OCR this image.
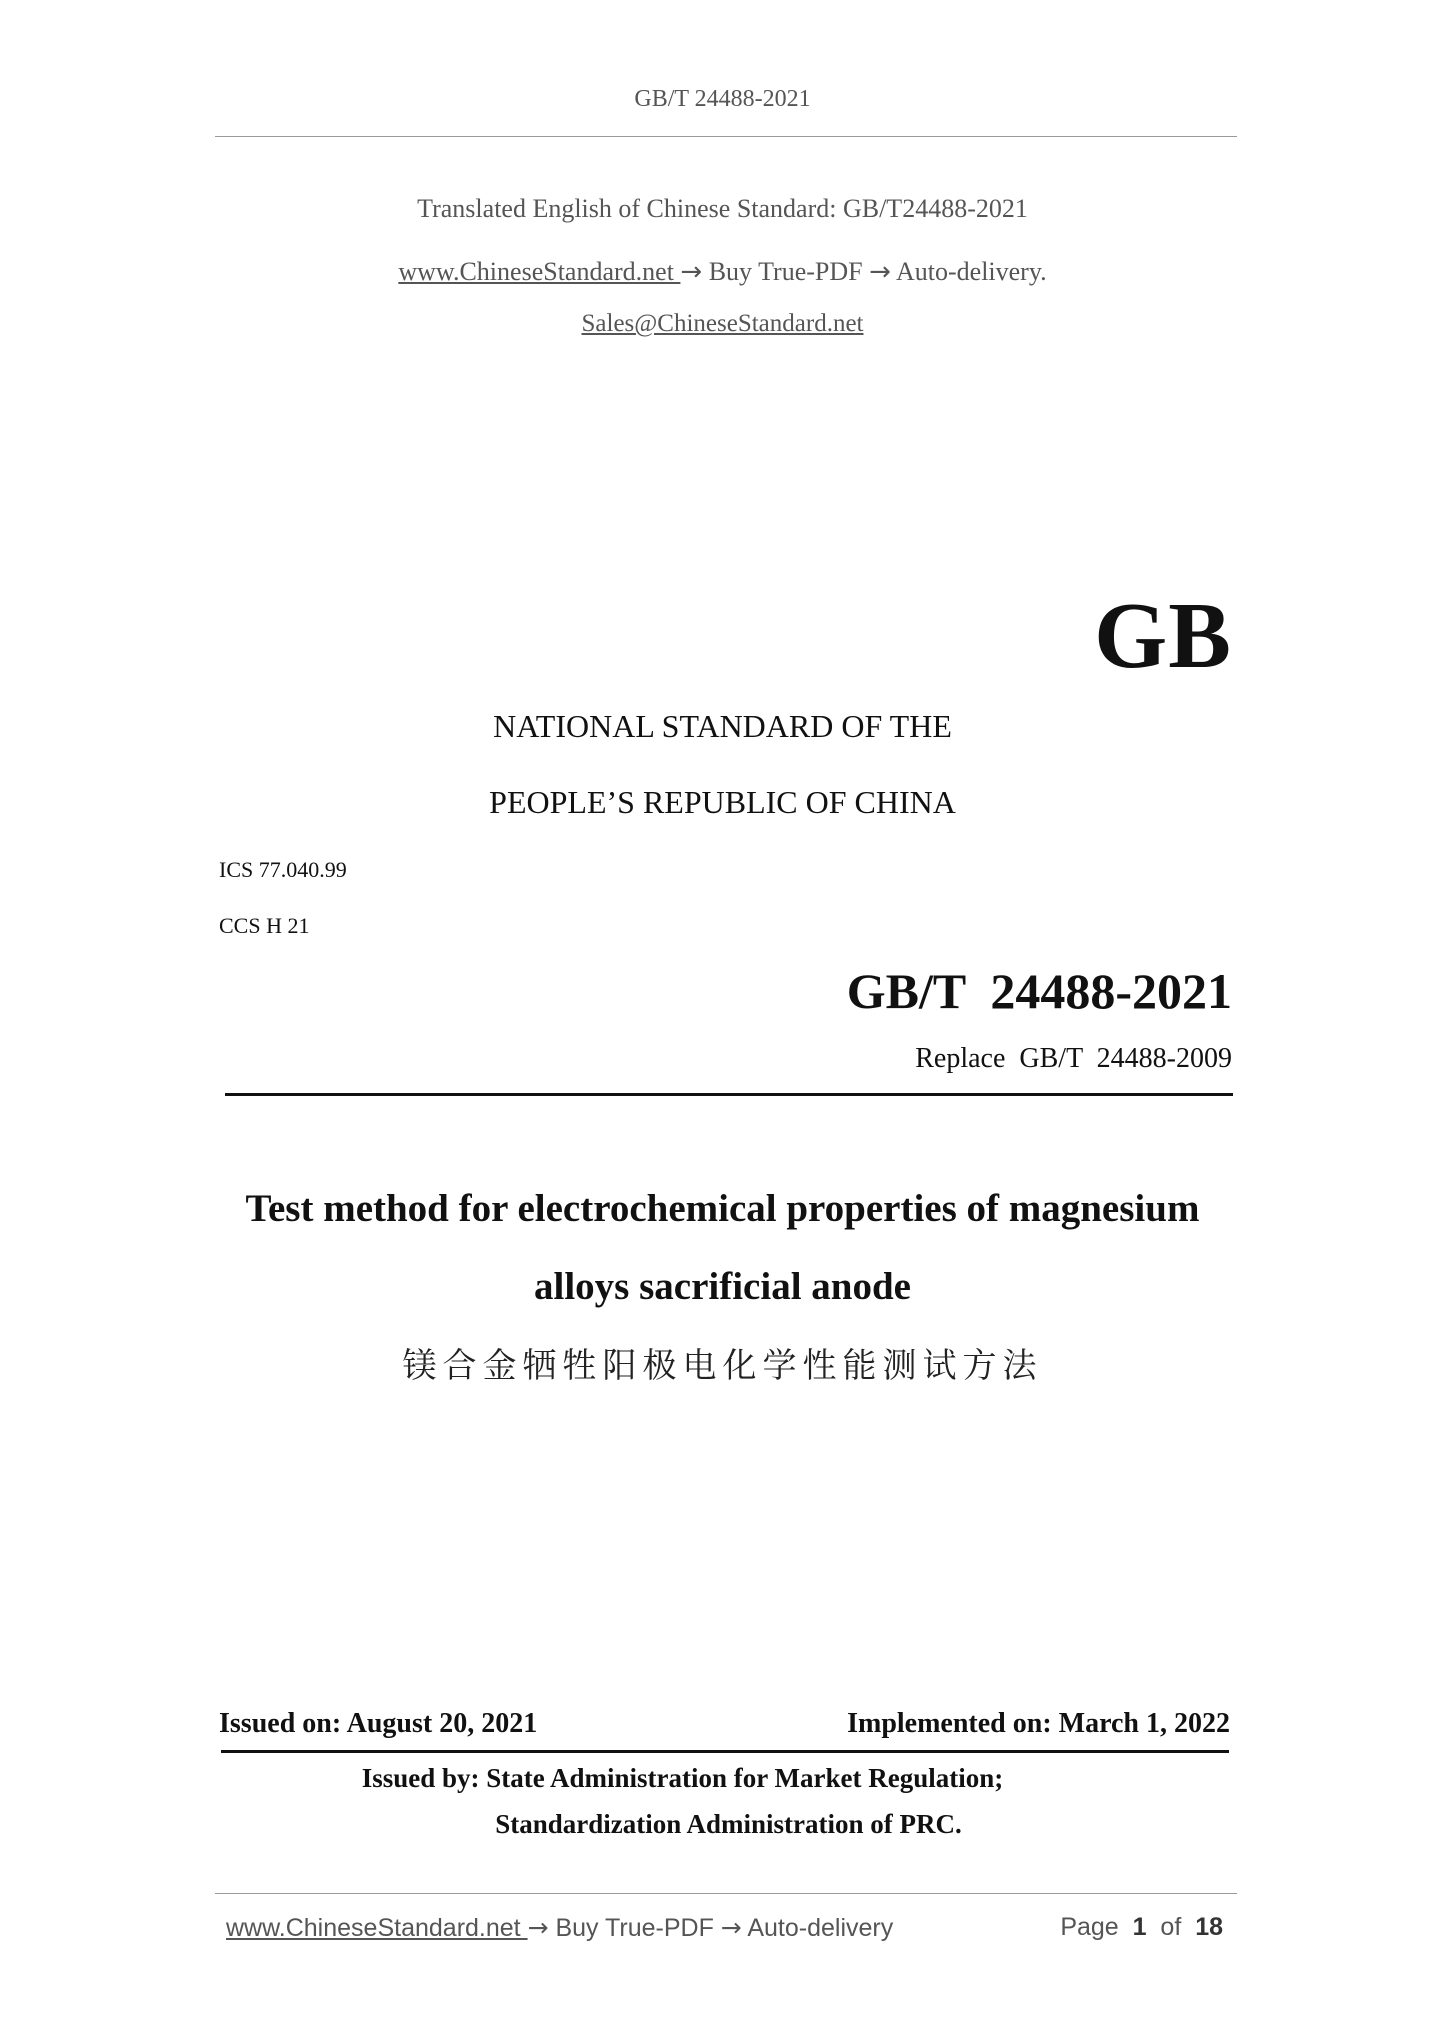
GB/T 24488-2021
Translated English of Chinese Standard: GB/T24488-2021
www.ChineseStandard.net → Buy True-PDF → Auto-delivery.
Sales@ChineseStandard.net
GB
NATIONAL STANDARD OF THE
PEOPLE’S REPUBLIC OF CHINA
ICS 77.040.99
CCS H 21
GB/T  24488-2021
Replace  GB/T  24488-2009
Test method for electrochemical properties of magnesium
alloys sacrificial anode
镁合金牺牲阳极电化学性能测试方法
Issued on: August 20, 2021	Implemented on: March 1, 2022
Issued by: State Administration for Market Regulation;
Standardization Administration of PRC.
www.ChineseStandard.net → Buy True-PDF → Auto-delivery	Page 1 of 18
